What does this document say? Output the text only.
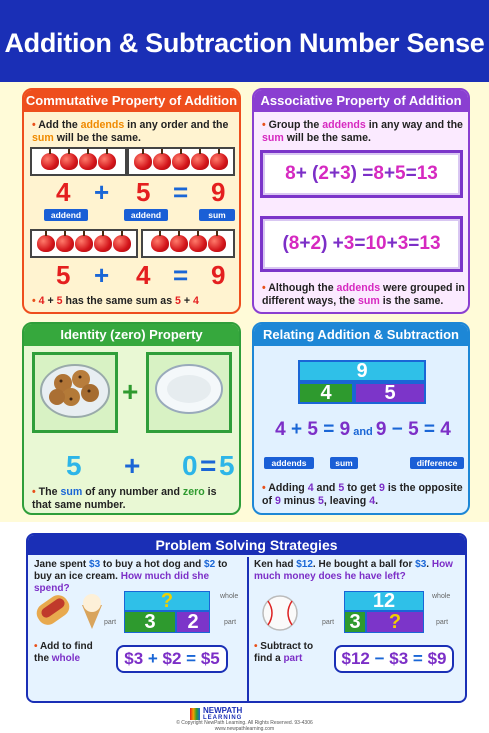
Addition & Subtraction Number Sense
Commutative Property of Addition
• Add the addends in any order and the sum will be the same.
4 + 5 = 9
addend	addend	sum
5 + 4 = 9
• 4 + 5 has the same sum as 5 + 4
Associative Property of Addition
• Group the addends in any way and the sum will be the same.
8 + ( 2 + 3 ) = 8 + 5 = 13
( 8 + 2 ) + 3 = 10 + 3 = 13
• Although the addends were grouped in different ways, the sum is the same.
Identity (zero) Property
+
5 + 0 = 5
• The sum of any number and zero is that same number.
Relating Addition & Subtraction
9
4	5
4 + 5 = 9 and 9 − 5 = 4
addends	sum	difference
• Adding 4 and 5 to get 9 is the opposite of 9 minus 5, leaving 4.
Problem Solving Strategies
Jane spent $3 to buy a hot dog and $2 to buy an ice cream. How much did she spend?
?
3	2
whole
part	part
• Add to find the whole	$3 + $2 = $5
Ken had $12. He bought a ball for $3. How much money does he have left?
12
3	?
whole
part	part
• Subtract to find a part	$12 − $3 = $9
NEWPATH
LEARNING
© Copyright NewPath Learning. All Rights Reserved. 93-4306
www.newpathlearning.com
